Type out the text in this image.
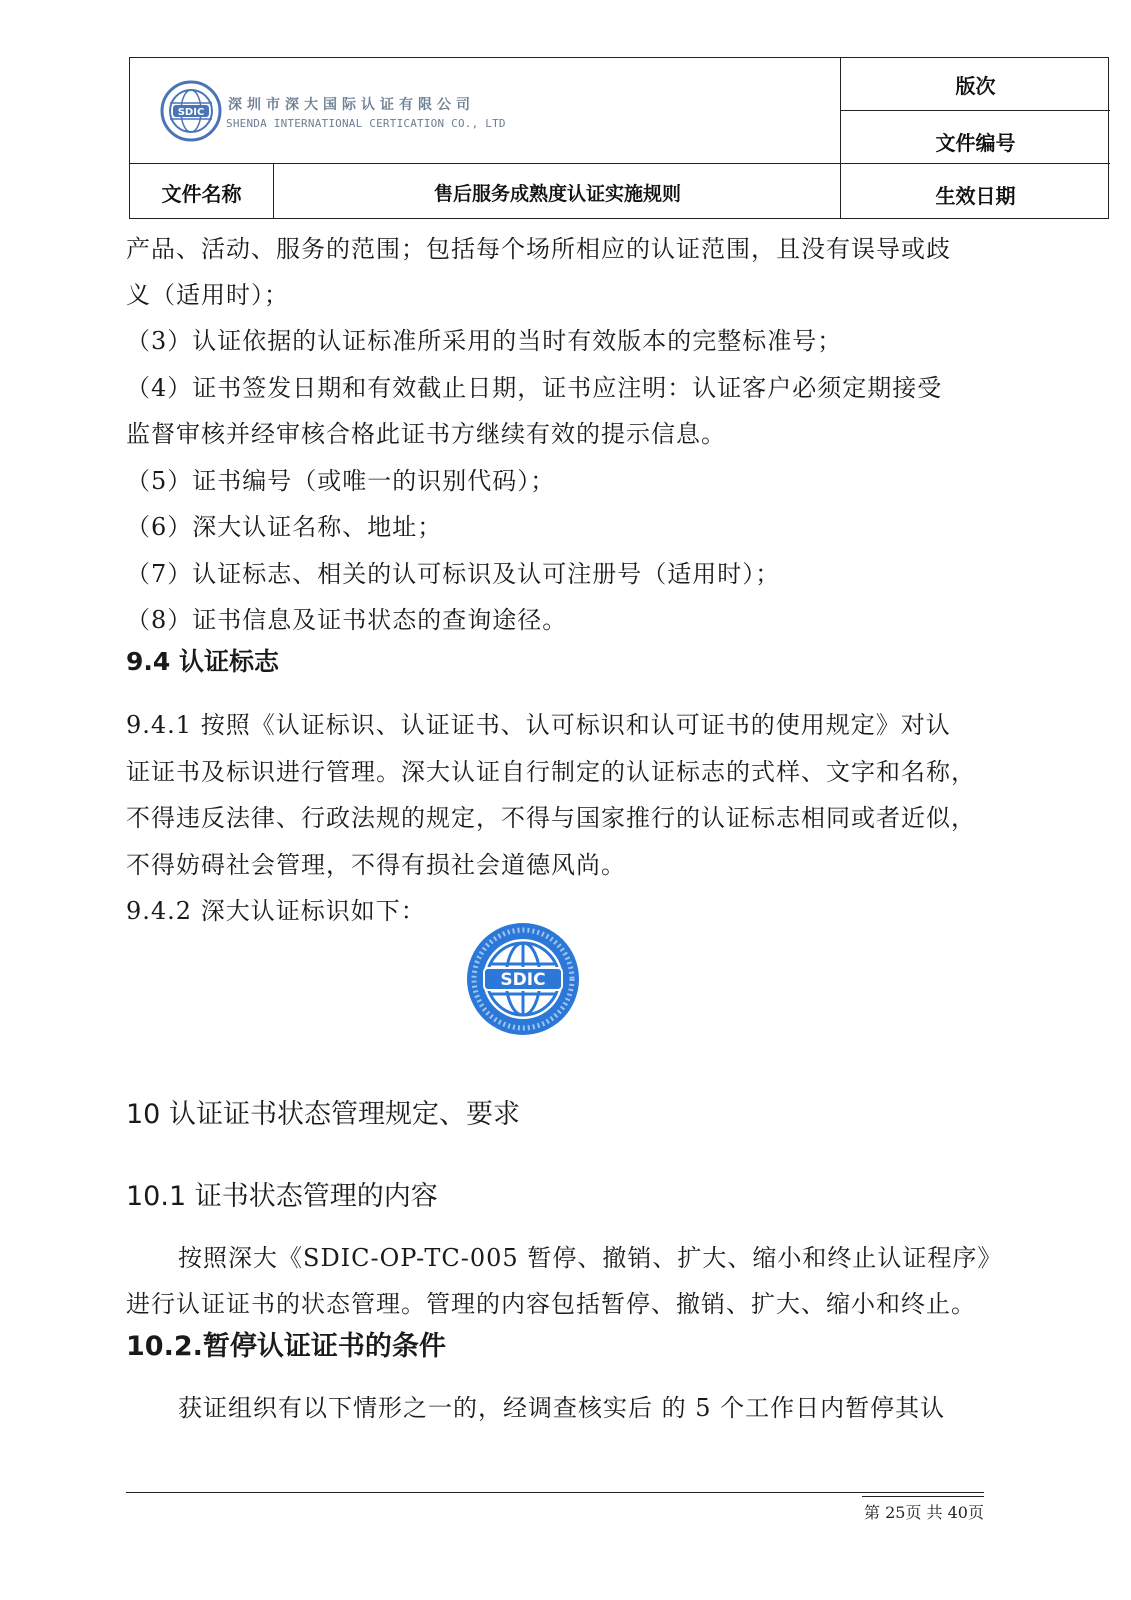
SDIC 深圳市深大国际认证有限公司
SHENDA INTERNATIONAL CERTICATION CO., LTD
版次
文件编号
文件名称	售后服务成熟度认证实施规则	生效日期
产品、活动、服务的范围；包括每个场所相应的认证范围，且没有误导或歧
义（适用时）；
（3）认证依据的认证标准所采用的当时有效版本的完整标准号；
（4）证书签发日期和有效截止日期，证书应注明：认证客户必须定期接受
监督审核并经审核合格此证书方继续有效的提示信息。
（5）证书编号（或唯一的识别代码）；
（6）深大认证名称、地址；
（7）认证标志、相关的认可标识及认可注册号（适用时）；
（8）证书信息及证书状态的查询途径。
9.4 认证标志
9.4.1 按照《认证标识、认证证书、认可标识和认可证书的使用规定》对认
证证书及标识进行管理。深大认证自行制定的认证标志的式样、文字和名称，
不得违反法律、行政法规的规定，不得与国家推行的认证标志相同或者近似，
不得妨碍社会管理，不得有损社会道德风尚。
9.4.2 深大认证标识如下：
SDIC
10 认证证书状态管理规定、要求
10.1 证书状态管理的内容
按照深大《SDIC-OP-TC-005 暂停、撤销、扩大、缩小和终止认证程序》
进行认证证书的状态管理。管理的内容包括暂停、撤销、扩大、缩小和终止。
10.2.暂停认证证书的条件
获证组织有以下情形之一的，经调查核实后 的 5 个工作日内暂停其认
第 25页 共 40页
